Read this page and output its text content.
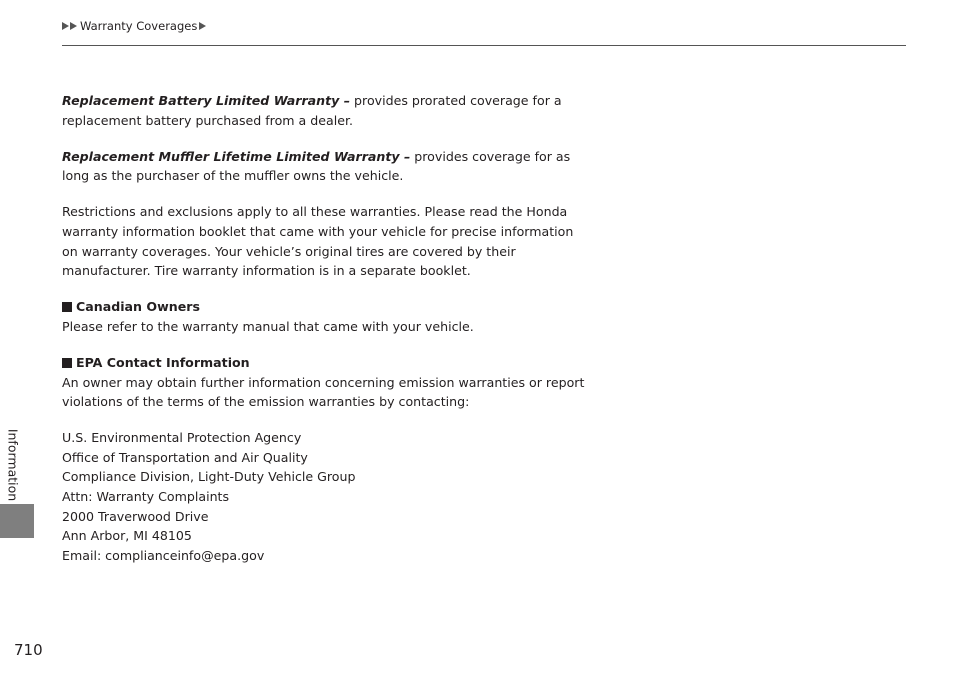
Warranty Coverages
Information
710

Replacement Battery Limited Warranty – provides prorated coverage for a replacement battery purchased from a dealer.

Replacement Muffler Lifetime Limited Warranty – provides coverage for as long as the purchaser of the muffler owns the vehicle.

Restrictions and exclusions apply to all these warranties. Please read the Honda warranty information booklet that came with your vehicle for precise information on warranty coverages. Your vehicle’s original tires are covered by their manufacturer. Tire warranty information is in a separate booklet.

Canadian Owners
Please refer to the warranty manual that came with your vehicle.
EPA Contact Information
An owner may obtain further information concerning emission warranties or report violations of the terms of the emission warranties by contacting:
U.S. Environmental Protection Agency
Office of Transportation and Air Quality
Compliance Division, Light-Duty Vehicle Group
Attn: Warranty Complaints
2000 Traverwood Drive
Ann Arbor, MI 48105
Email: complianceinfo@epa.gov
